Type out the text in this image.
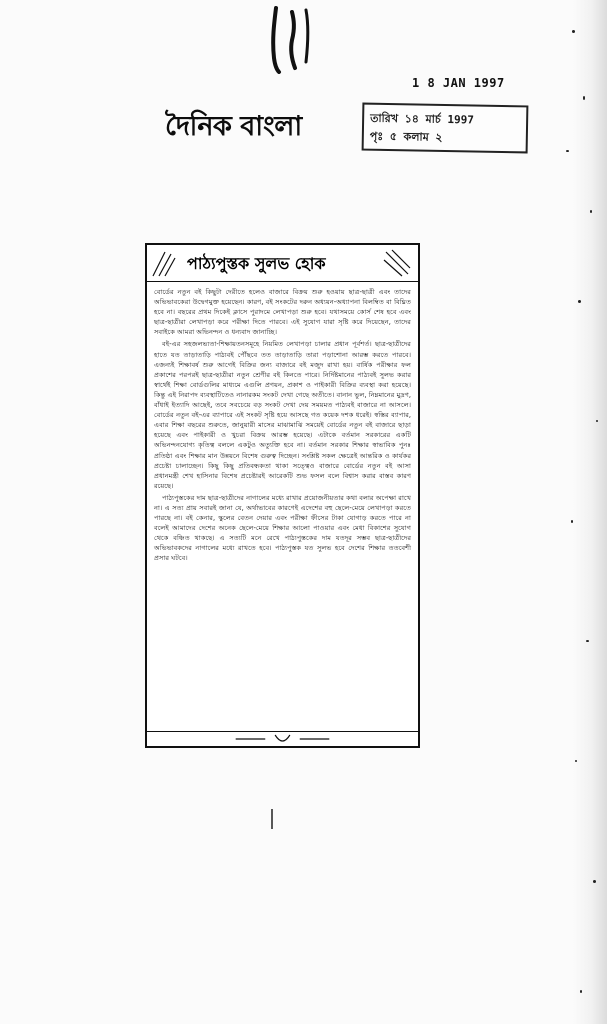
1 8 JAN 1997
দৈনিক বাংলা	তারিখ ১৪ মার্চ 1997
পৃঃ ৫ কলাম ২
পাঠ্যপুস্তক সুলভ হোক

বোর্ডের নতুন বই কিছুটা দেরীতে হলেও বাজারে বিক্রয় শুরু হওয়ায় ছাত্র-ছাত্রী এবং তাদের অভিভাবকেরা উদ্বেগমুক্ত হয়েছেন। কারণ, বই সংকটের দরুন অধ্যয়ন-অধ্যাপনা বিলম্বিত বা বিঘ্নিত হবে না। বছরের প্রথম দিকেই ক্লাসে পুরাদমে লেখাপড়া শুরু হবে। যথাসময়ে কোর্স শেষ হবে এবং ছাত্র-ছাত্রীরা লেখাপড়া করে পরীক্ষা দিতে পারবে। এই সুযোগ যারা সৃষ্টি করে দিয়েছেন, তাদের সবাইকে আমরা অভিনন্দন ও ধন্যবাদ জানাচ্ছি।

বই-এর সহজলভ্যতা-শিক্ষায়তনসমূহে নিয়মিত লেখাপড়া চালার প্রধান পূর্বশর্ত। ছাত্র-ছাত্রীদের হাতে যত তাড়াতাড়ি পাঠ্যবই পৌঁছবে তত তাড়াতাড়ি তারা পড়াশোনা আরম্ভ করতে পারবে। এজন্যই শিক্ষাবর্ষ শুরু আগেই বিক্রির জন্য বাজারে বই মজুদ রাখা হয়। বার্ষিক পরীক্ষার ফল প্রকাশের পরপরই ছাত্র-ছাত্রীরা নতুন শ্রেণীর বই কিনতে পারে। নির্দিষ্টমানের পাঠ্যবই সুলভ করার স্বার্থেই শিক্ষা বোর্ডগুলির মাধ্যমে এগুলি প্রণয়ন, প্রকাশ ও পাইকারী বিক্রির ব্যবস্থা করা হয়েছে। কিন্তু এই নিরাপদ ব্যবস্থাটিতেও নানারকম সংকট দেখা গেছে অতীতে। বানান ভুল, নিম্নমানের মুদ্রণ, বাঁধাই ইত্যাদি আছেই, তবে সবচেয়ে বড় সংকট দেখা দেয় সময়মত পাঠ্যবই বাজারে না আসলে। বোর্ডের নতুন বই-এর ব্যাপারে এই সংকট সৃষ্টি হয়ে আসছে গত কয়েক দশক ধরেই। স্বস্তির ব্যাপার, এবার শিক্ষা বছরের শুরুতে, জানুয়ারী মাসের মাঝামাঝি সময়েই বোর্ডের নতুন বই বাজারে ছাড়া হয়েছে এবং পাইকারী ও খুচরা বিক্রয় আরম্ভ হয়েছে। এটাকে বর্তমান সরকারের একটি অভিনন্দনযোগ্য কৃতিত্ব বললে একটুও অত্যুক্তি হবে না। বর্তমান সরকার শিক্ষার স্বাভাবিক পুনঃ প্রতিষ্ঠা এবং শিক্ষার মান উন্নয়নে বিশেষ গুরুত্ব দিচ্ছেন। সংশ্লিষ্ট সকল ক্ষেত্রেই আন্তরিক ও কার্যকর প্রচেষ্টা চালাচ্ছেন। কিছু কিছু প্রতিবন্ধকতা থাকা সত্ত্বেও বাজারে বোর্ডের নতুন বই আসা প্রধানমন্ত্রী শেখ হাসিনার বিশেষ প্রচেষ্টারই আরেকটি শুভ ফসল বলে বিশ্বাস করার বাস্তব কারণ রয়েছে।

পাঠ্যপুস্তকের দাম ছাত্র-ছাত্রীদের নাগালের মধ্যে রাখার প্রয়োজনীয়তার কথা বলার অপেক্ষা রাখে না। এ সত্য প্রায় সবারই জানা যে, অর্থাভাবের কারণেই এদেশের বহু ছেলে-মেয়ে লেখাপড়া করতে পারছে না। বই কেনার, স্কুলের বেতন দেয়ার এবং পরীক্ষা ফীসের টাকা যোগাড় করতে পারে না বলেই আমাদের দেশের অনেক ছেলে-মেয়ে শিক্ষার আলো পাওয়ার এবং মেধা বিকাশের সুযোগ থেকে বঞ্চিত থাকছে। এ সত্যটি মনে রেখে পাঠ্যপুস্তকের দাম যতদূর সম্ভব ছাত্র-ছাত্রীদের অভিভাবকদের নাগালের মধ্যে রাখতে হবে। পাঠ্যপুস্তক যত সুলভ হবে দেশের শিক্ষার ততবেশী প্রসার ঘটবে।
